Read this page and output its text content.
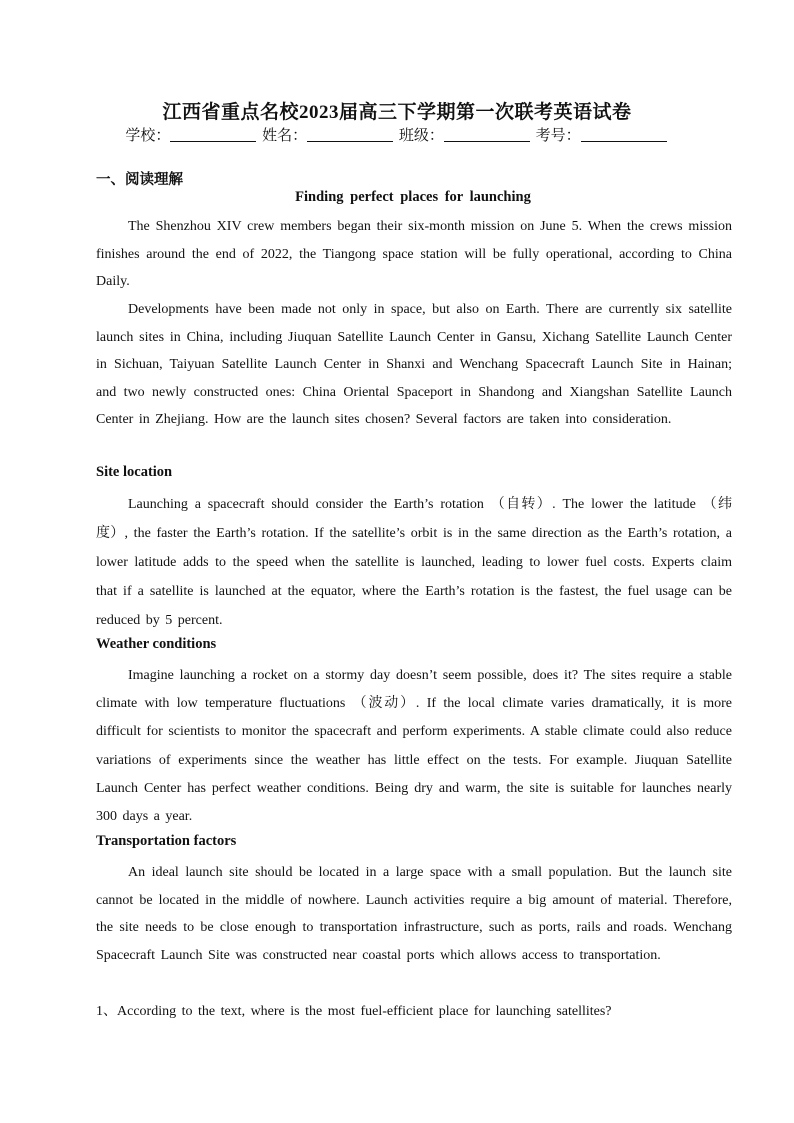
江西省重点名校2023届高三下学期第一次联考英语试卷
学校：	姓名：	班级：	考号：
一、阅读理解
Finding perfect places for launching
The Shenzhou XIV crew members began their six-month mission on June 5. When the crews mission finishes around the end of 2022, the Tiangong space station will be fully operational, according to China Daily.
Developments have been made not only in space, but also on Earth. There are currently six satellite launch sites in China, including Jiuquan Satellite Launch Center in Gansu, Xichang Satellite Launch Center in Sichuan, Taiyuan Satellite Launch Center in Shanxi and Wenchang Spacecraft Launch Site in Hainan; and two newly constructed ones: China Oriental Spaceport in Shandong and Xiangshan Satellite Launch Center in Zhejiang. How are the launch sites chosen? Several factors are taken into consideration.
Site location
Launching a spacecraft should consider the Earth’s rotation （自转）. The lower the latitude （纬度）, the faster the Earth’s rotation. If the satellite’s orbit is in the same direction as the Earth’s rotation, a lower latitude adds to the speed when the satellite is launched, leading to lower fuel costs. Experts claim that if a satellite is launched at the equator, where the Earth’s rotation is the fastest, the fuel usage can be reduced by 5 percent.
Weather conditions
Imagine launching a rocket on a stormy day doesn’t seem possible, does it? The sites require a stable climate with low temperature fluctuations （波动）. If the local climate varies dramatically, it is more difficult for scientists to monitor the spacecraft and perform experiments. A stable climate could also reduce variations of experiments since the weather has little effect on the tests. For example. Jiuquan Satellite Launch Center has perfect weather conditions. Being dry and warm, the site is suitable for launches nearly 300 days a year.
Transportation factors
An ideal launch site should be located in a large space with a small population. But the launch site cannot be located in the middle of nowhere. Launch activities require a big amount of material. Therefore, the site needs to be close enough to transportation infrastructure, such as ports, rails and roads. Wenchang Spacecraft Launch Site was constructed near coastal ports which allows access to transportation.
1、According to the text, where is the most fuel-efficient place for launching satellites?
